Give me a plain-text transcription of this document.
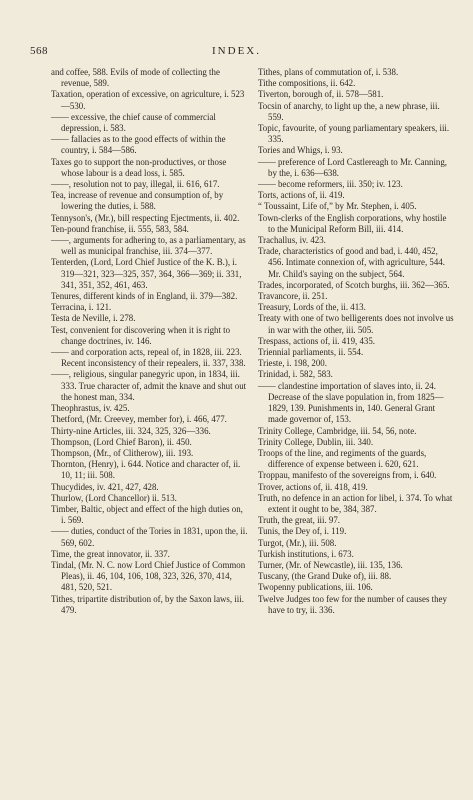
568	INDEX.

and coffee, 588. Evils of mode of collecting the revenue, 589.

Taxation, operation of excessive, on agriculture, i. 523—530.

—— excessive, the chief cause of commercial depression, i. 583.

—— fallacies as to the good effects of within the country, i. 584—586.

Taxes go to support the non-productives, or those whose labour is a dead loss, i. 585.

——, resolution not to pay, illegal, ii. 616, 617.

Tea, increase of revenue and consumption of, by lowering the duties, i. 588.

Tennyson's, (Mr.), bill respecting Ejectments, ii. 402.

Ten-pound franchise, ii. 555, 583, 584.

——, arguments for adhering to, as a parliamentary, as well as municipal franchise, iii. 374—377.

Tenterden, (Lord, Lord Chief Justice of the K. B.), i. 319—321, 323—325, 357, 364, 366—369; ii. 331, 341, 351, 352, 461, 463.

Tenures, different kinds of in England, ii. 379—382.

Terracina, i. 121.

Testa de Neville, i. 278.

Test, convenient for discovering when it is right to change doctrines, iv. 146.

—— and corporation acts, repeal of, in 1828, iii. 223. Recent inconsistency of their repealers, ii. 337, 338.

——, religious, singular panegyric upon, in 1834, iii. 333. True character of, admit the knave and shut out the honest man, 334.

Theophrastus, iv. 425.

Thetford, (Mr. Creevey, member for), i. 466, 477.

Thirty-nine Articles, iii. 324, 325, 326—336.

Thompson, (Lord Chief Baron), ii. 450.

Thompson, (Mr., of Clitherow), iii. 193.

Thornton, (Henry), i. 644. Notice and character of, ii. 10, 11; iii. 508.

Thucydides, iv. 421, 427, 428.

Thurlow, (Lord Chancellor) ii. 513.

Timber, Baltic, object and effect of the high duties on, i. 569.

—— duties, conduct of the Tories in 1831, upon the, ii. 569, 602.

Time, the great innovator, ii. 337.

Tindal, (Mr. N. C. now Lord Chief Justice of Common Pleas), ii. 46, 104, 106, 108, 323, 326, 370, 414, 481, 520, 521.

Tithes, tripartite distribution of, by the Saxon laws, iii. 479.

Tithes, plans of commutation of, i. 538.

Tithe compositions, ii. 642.

Tiverton, borough of, ii. 578—581.

Tocsin of anarchy, to light up the, a new phrase, iii. 559.

Topic, favourite, of young parliamentary speakers, iii. 335.

Tories and Whigs, i. 93.

—— preference of Lord Castlereagh to Mr. Canning, by the, i. 636—638.

—— become reformers, iii. 350; iv. 123.

Torts, actions of, ii. 419.

“ Toussaint, Life of,” by Mr. Stephen, i. 405.

Town-clerks of the English corporations, why hostile to the Municipal Reform Bill, iii. 414.

Trachallus, iv. 423.

Trade, characteristics of good and bad, i. 440, 452, 456. Intimate connexion of, with agriculture, 544. Mr. Child's saying on the subject, 564.

Trades, incorporated, of Scotch burghs, iii. 362—365.

Travancore, ii. 251.

Treasury, Lords of the, ii. 413.

Treaty with one of two belligerents does not involve us in war with the other, iii. 505.

Trespass, actions of, ii. 419, 435.

Triennial parliaments, ii. 554.

Trieste, i. 198, 200.

Trinidad, i. 582, 583.

—— clandestine importation of slaves into, ii. 24. Decrease of the slave population in, from 1825—1829, 139. Punishments in, 140. General Grant made governor of, 153.

Trinity College, Cambridge, iii. 54, 56, note.

Trinity College, Dublin, iii. 340.

Troops of the line, and regiments of the guards, difference of expense between i. 620, 621.

Troppau, manifesto of the sovereigns from, i. 640.

Trover, actions of, ii. 418, 419.

Truth, no defence in an action for libel, i. 374. To what extent it ought to be, 384, 387.

Truth, the great, iii. 97.

Tunis, the Dey of, i. 119.

Turgot, (Mr.), iii. 508.

Turkish institutions, i. 673.

Turner, (Mr. of Newcastle), iii. 135, 136.

Tuscany, (the Grand Duke of), iii. 88.

Twopenny publications, iii. 106.

Twelve Judges too few for the number of causes they have to try, ii. 336.
